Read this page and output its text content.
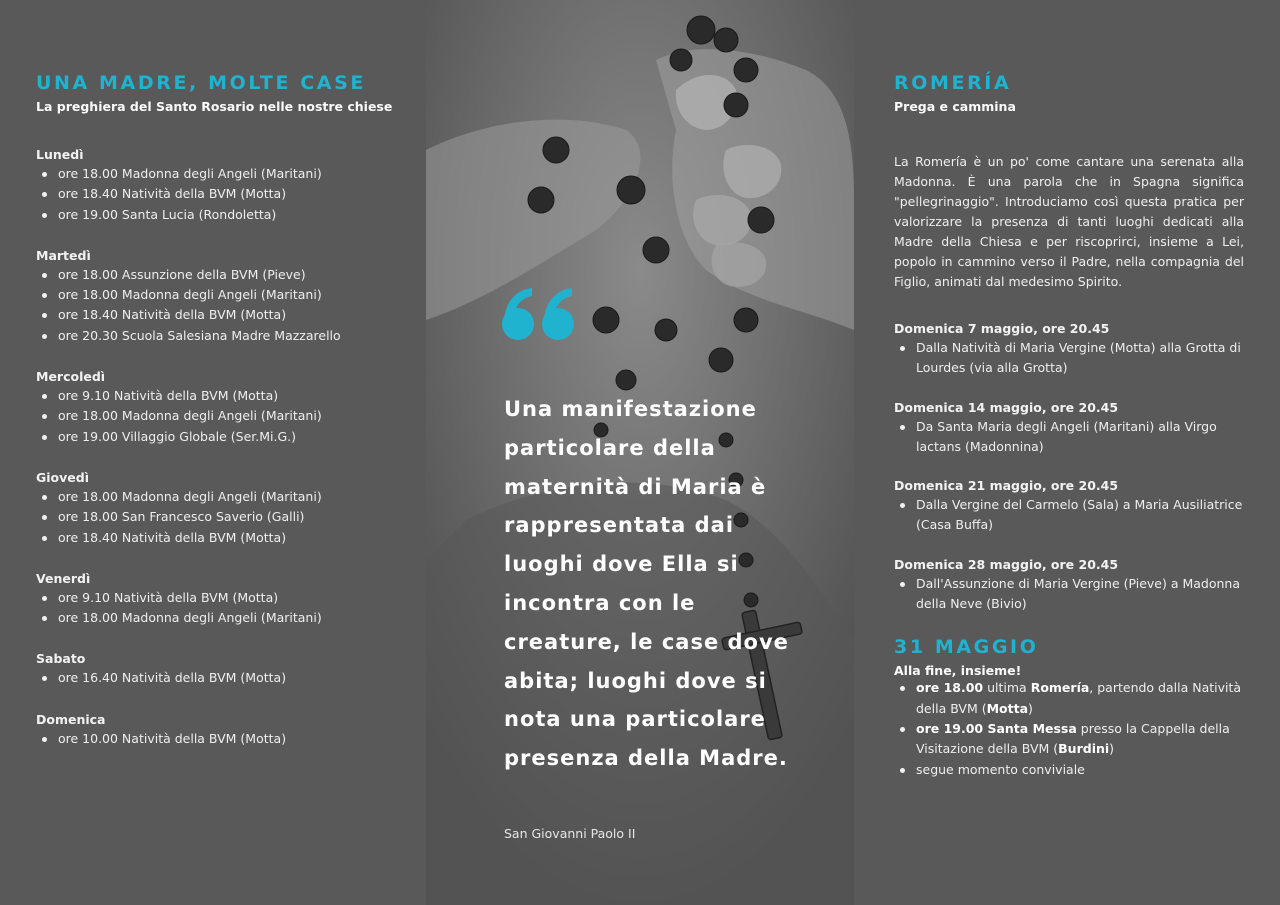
UNA MADRE, MOLTE CASE

La preghiera del Santo Rosario nelle nostre chiese

Lunedì
ore 18.00 Madonna degli Angeli (Maritani)
ore 18.40 Natività della BVM (Motta)
ore 19.00 Santa Lucia (Rondoletta)
Martedì
ore 18.00 Assunzione della BVM (Pieve)
ore 18.00 Madonna degli Angeli (Maritani)
ore 18.40 Natività della BVM (Motta)
ore 20.30 Scuola Salesiana Madre Mazzarello
Mercoledì
ore 9.10 Natività della BVM (Motta)
ore 18.00 Madonna degli Angeli (Maritani)
ore 19.00 Villaggio Globale (Ser.Mi.G.)
Giovedì
ore 18.00 Madonna degli Angeli (Maritani)
ore 18.00 San Francesco Saverio (Galli)
ore 18.40 Natività della BVM (Motta)
Venerdì
ore 9.10 Natività della BVM (Motta)
ore 18.00 Madonna degli Angeli (Maritani)
Sabato
ore 16.40 Natività della BVM (Motta)
Domenica
ore 10.00 Natività della BVM (Motta)

Una manifestazione particolare della maternità di Maria è rappresentata dai luoghi dove Ella si incontra con le creature, le case dove abita; luoghi dove si nota una particolare presenza della Madre.

San Giovanni Paolo II

ROMERÍA

Prega e cammina

La Romería è un po' come cantare una serenata alla Madonna. È una parola che in Spagna significa "pellegrinaggio". Introduciamo così questa pratica per valorizzare la presenza di tanti luoghi dedicati alla Madre della Chiesa e per riscoprirci, insieme a Lei, popolo in cammino verso il Padre, nella compagnia del Figlio, animati dal medesimo Spirito.

Domenica 7 maggio, ore 20.45
Dalla Natività di Maria Vergine (Motta) alla Grotta di Lourdes (via alla Grotta)
Domenica 14 maggio, ore 20.45
Da Santa Maria degli Angeli (Maritani) alla Virgo lactans (Madonnina)
Domenica 21 maggio, ore 20.45
Dalla Vergine del Carmelo (Sala) a Maria Ausiliatrice (Casa Buffa)
Domenica 28 maggio, ore 20.45
Dall'Assunzione di Maria Vergine (Pieve) a Madonna della Neve (Bivio)
31 MAGGIO

Alla fine, insieme!

ore 18.00 ultima Romería, partendo dalla Natività della BVM (Motta)
ore 19.00 Santa Messa presso la Cappella della Visitazione della BVM (Burdini)
segue momento conviviale
